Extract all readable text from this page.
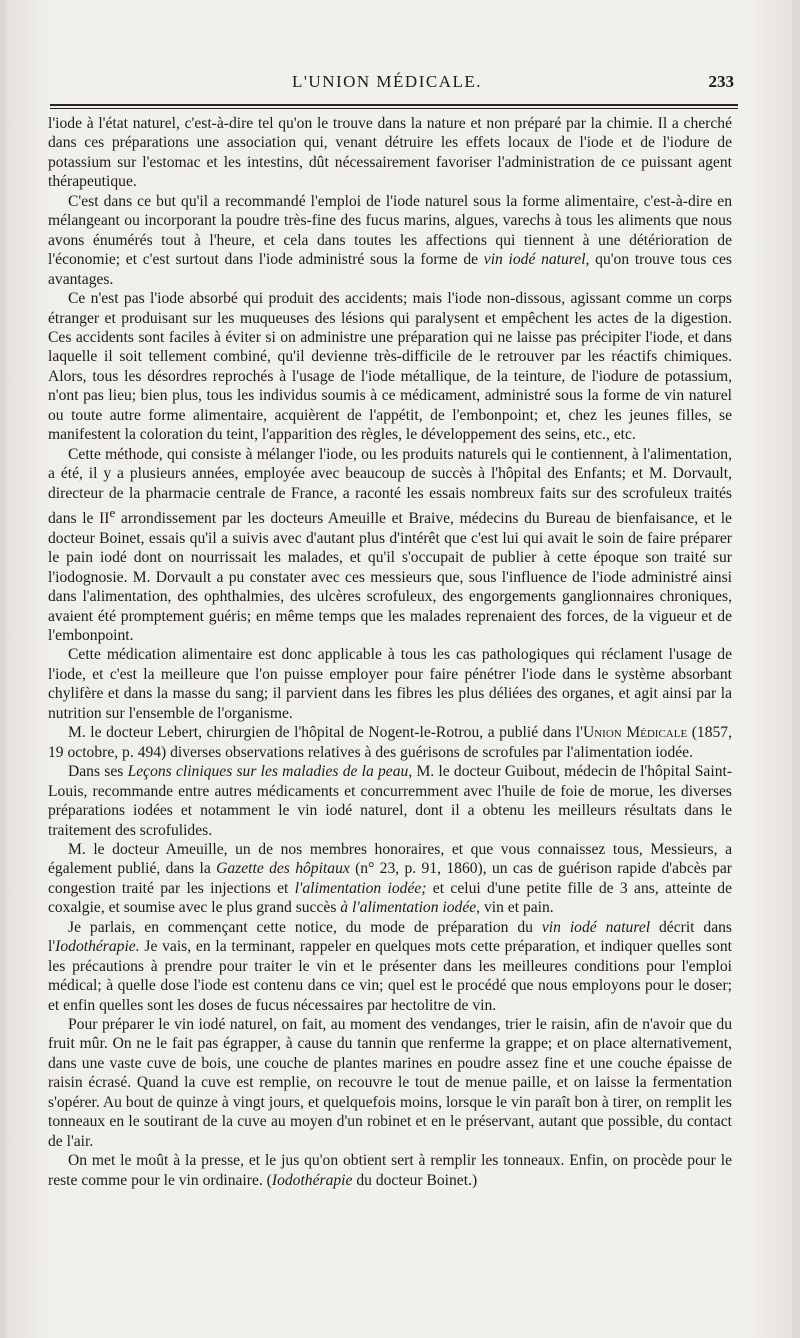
L'UNION MÉDICALE.	233

l'iode à l'état naturel, c'est-à-dire tel qu'on le trouve dans la nature et non préparé par la chimie. Il a cherché dans ces préparations une association qui, venant détruire les effets locaux de l'iode et de l'iodure de potassium sur l'estomac et les intestins, dût nécessairement favoriser l'administration de ce puissant agent thérapeutique.

C'est dans ce but qu'il a recommandé l'emploi de l'iode naturel sous la forme alimentaire, c'est-à-dire en mélangeant ou incorporant la poudre très-fine des fucus marins, algues, varechs à tous les aliments que nous avons énumérés tout à l'heure, et cela dans toutes les affections qui tiennent à une détérioration de l'économie; et c'est surtout dans l'iode administré sous la forme de vin iodé naturel, qu'on trouve tous ces avantages.

Ce n'est pas l'iode absorbé qui produit des accidents; mais l'iode non-dissous, agissant comme un corps étranger et produisant sur les muqueuses des lésions qui paralysent et empêchent les actes de la digestion. Ces accidents sont faciles à éviter si on administre une préparation qui ne laisse pas précipiter l'iode, et dans laquelle il soit tellement combiné, qu'il devienne très-difficile de le retrouver par les réactifs chimiques. Alors, tous les désordres reprochés à l'usage de l'iode métallique, de la teinture, de l'iodure de potassium, n'ont pas lieu; bien plus, tous les individus soumis à ce médicament, administré sous la forme de vin naturel ou toute autre forme alimentaire, acquièrent de l'appétit, de l'embonpoint; et, chez les jeunes filles, se manifestent la coloration du teint, l'apparition des règles, le développement des seins, etc., etc.

Cette méthode, qui consiste à mélanger l'iode, ou les produits naturels qui le contiennent, à l'alimentation, a été, il y a plusieurs années, employée avec beaucoup de succès à l'hôpital des Enfants; et M. Dorvault, directeur de la pharmacie centrale de France, a raconté les essais nombreux faits sur des scrofuleux traités dans le IIe arrondissement par les docteurs Ameuille et Braive, médecins du Bureau de bienfaisance, et le docteur Boinet, essais qu'il a suivis avec d'autant plus d'intérêt que c'est lui qui avait le soin de faire préparer le pain iodé dont on nourrissait les malades, et qu'il s'occupait de publier à cette époque son traité sur l'iodognosie. M. Dorvault a pu constater avec ces messieurs que, sous l'influence de l'iode administré ainsi dans l'alimentation, des ophthalmies, des ulcères scrofuleux, des engorgements ganglionnaires chroniques, avaient été promptement guéris; en même temps que les malades reprenaient des forces, de la vigueur et de l'embonpoint.

Cette médication alimentaire est donc applicable à tous les cas pathologiques qui réclament l'usage de l'iode, et c'est la meilleure que l'on puisse employer pour faire pénétrer l'iode dans le système absorbant chylifère et dans la masse du sang; il parvient dans les fibres les plus déliées des organes, et agit ainsi par la nutrition sur l'ensemble de l'organisme.

M. le docteur Lebert, chirurgien de l'hôpital de Nogent-le-Rotrou, a publié dans l'Union Médicale (1857, 19 octobre, p. 494) diverses observations relatives à des guérisons de scrofules par l'alimentation iodée.

Dans ses Leçons cliniques sur les maladies de la peau, M. le docteur Guibout, médecin de l'hôpital Saint-Louis, recommande entre autres médicaments et concurremment avec l'huile de foie de morue, les diverses préparations iodées et notamment le vin iodé naturel, dont il a obtenu les meilleurs résultats dans le traitement des scrofulides.

M. le docteur Ameuille, un de nos membres honoraires, et que vous connaissez tous, Messieurs, a également publié, dans la Gazette des hôpitaux (n° 23, p. 91, 1860), un cas de guérison rapide d'abcès par congestion traité par les injections et l'alimentation iodée; et celui d'une petite fille de 3 ans, atteinte de coxalgie, et soumise avec le plus grand succès à l'alimentation iodée, vin et pain.

Je parlais, en commençant cette notice, du mode de préparation du vin iodé naturel décrit dans l'Iodothérapie. Je vais, en la terminant, rappeler en quelques mots cette préparation, et indiquer quelles sont les précautions à prendre pour traiter le vin et le présenter dans les meilleures conditions pour l'emploi médical; à quelle dose l'iode est contenu dans ce vin; quel est le procédé que nous employons pour le doser; et enfin quelles sont les doses de fucus nécessaires par hectolitre de vin.

Pour préparer le vin iodé naturel, on fait, au moment des vendanges, trier le raisin, afin de n'avoir que du fruit mûr. On ne le fait pas égrapper, à cause du tannin que renferme la grappe; et on place alternativement, dans une vaste cuve de bois, une couche de plantes marines en poudre assez fine et une couche épaisse de raisin écrasé. Quand la cuve est remplie, on recouvre le tout de menue paille, et on laisse la fermentation s'opérer. Au bout de quinze à vingt jours, et quelquefois moins, lorsque le vin paraît bon à tirer, on remplit les tonneaux en le soutirant de la cuve au moyen d'un robinet et en le préservant, autant que possible, du contact de l'air.

On met le moût à la presse, et le jus qu'on obtient sert à remplir les tonneaux. Enfin, on procède pour le reste comme pour le vin ordinaire. (Iodothérapie du docteur Boinet.)
